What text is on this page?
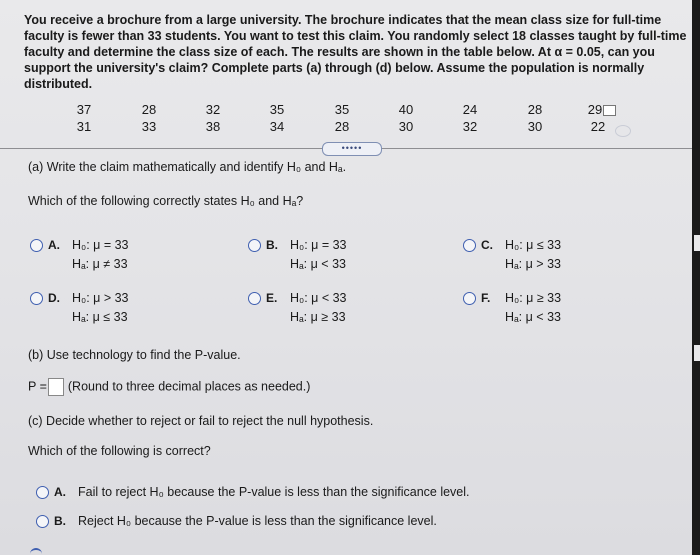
You receive a brochure from a large university. The brochure indicates that the mean class size for full-time
faculty is fewer than 33 students. You want to test this claim. You randomly select 18 classes taught by full-time
faculty and determine the class size of each. The results are shown in the table below. At α = 0.05, can you
support the university's claim? Complete parts (a) through (d) below. Assume the population is normally
distributed.
37	28	32	35	35	40	24	28	29
31	33	38	34	28	30	32	30	22
•••••
(a) Write the claim mathematically and identify H₀ and Hₐ.
Which of the following correctly states H₀ and Hₐ?
A. H₀: μ = 33
Hₐ: μ ≠ 33
B. H₀: μ = 33
Hₐ: μ < 33
C. H₀: μ ≤ 33
Hₐ: μ > 33
D. H₀: μ > 33
Hₐ: μ ≤ 33
E. H₀: μ < 33
Hₐ: μ ≥ 33
F. H₀: μ ≥ 33
Hₐ: μ < 33
(b) Use technology to find the P-value.
P = (Round to three decimal places as needed.)
(c) Decide whether to reject or fail to reject the null hypothesis.
Which of the following is correct?
A. Fail to reject H₀ because the P-value is less than the significance level.
B. Reject H₀ because the P-value is less than the significance level.
